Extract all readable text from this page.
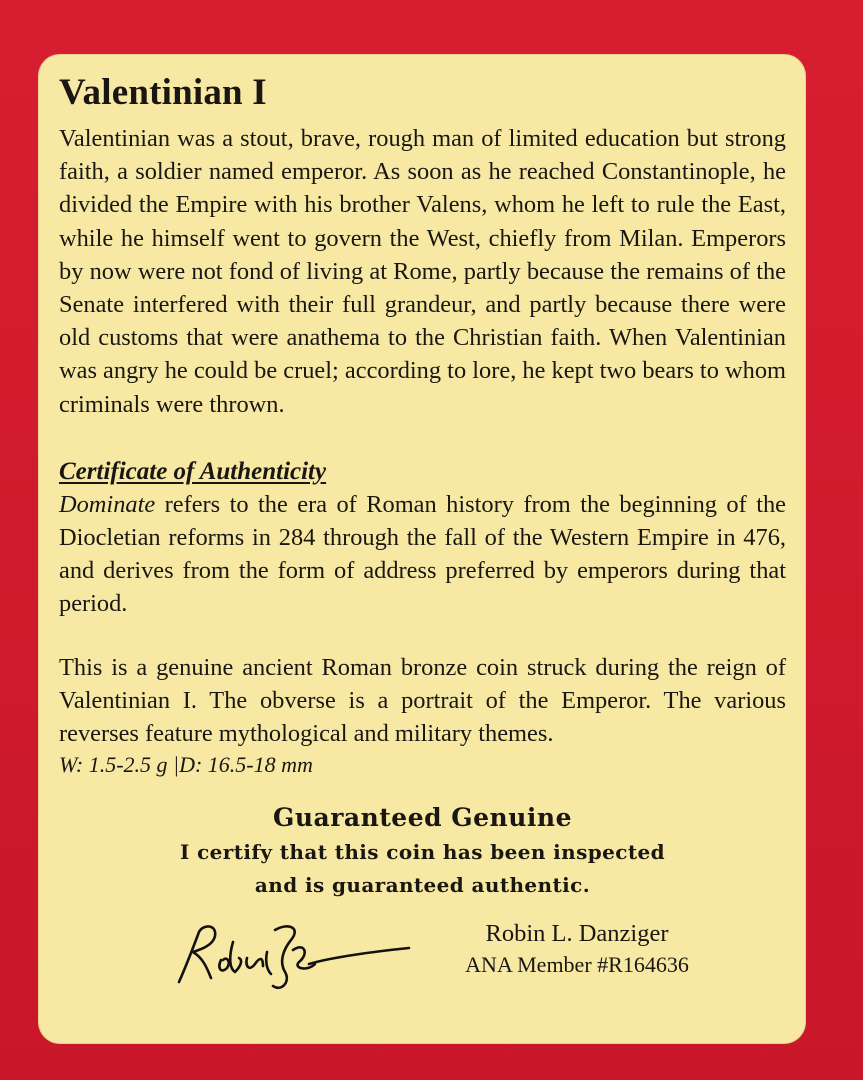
Valentinian I

Valentinian was a stout, brave, rough man of limited education but strong faith, a soldier named emperor. As soon as he reached Constantinople, he divided the Empire with his brother Valens, whom he left to rule the East, while he himself went to govern the West, chiefly from Milan. Emperors by now were not fond of living at Rome, partly because the remains of the Senate interfered with their full grandeur, and partly because there were old customs that were anathema to the Christian faith. When Valentinian was angry he could be cruel; according to lore, he kept two bears to whom criminals were thrown.

Certificate of Authenticity

Dominate refers to the era of Roman history from the beginning of the Diocletian reforms in 284 through the fall of the Western Empire in 476, and derives from the form of address preferred by emperors during that period.

This is a genuine ancient Roman bronze coin struck during the reign of Valentinian I. The obverse is a portrait of the Emperor. The various reverses feature mythological and military themes.

W: 1.5-2.5 g |D: 16.5-18 mm

Guaranteed Genuine
I certify that this coin has been inspected
and is guaranteed authentic.
Robin L. Danziger
ANA Member #R164636
